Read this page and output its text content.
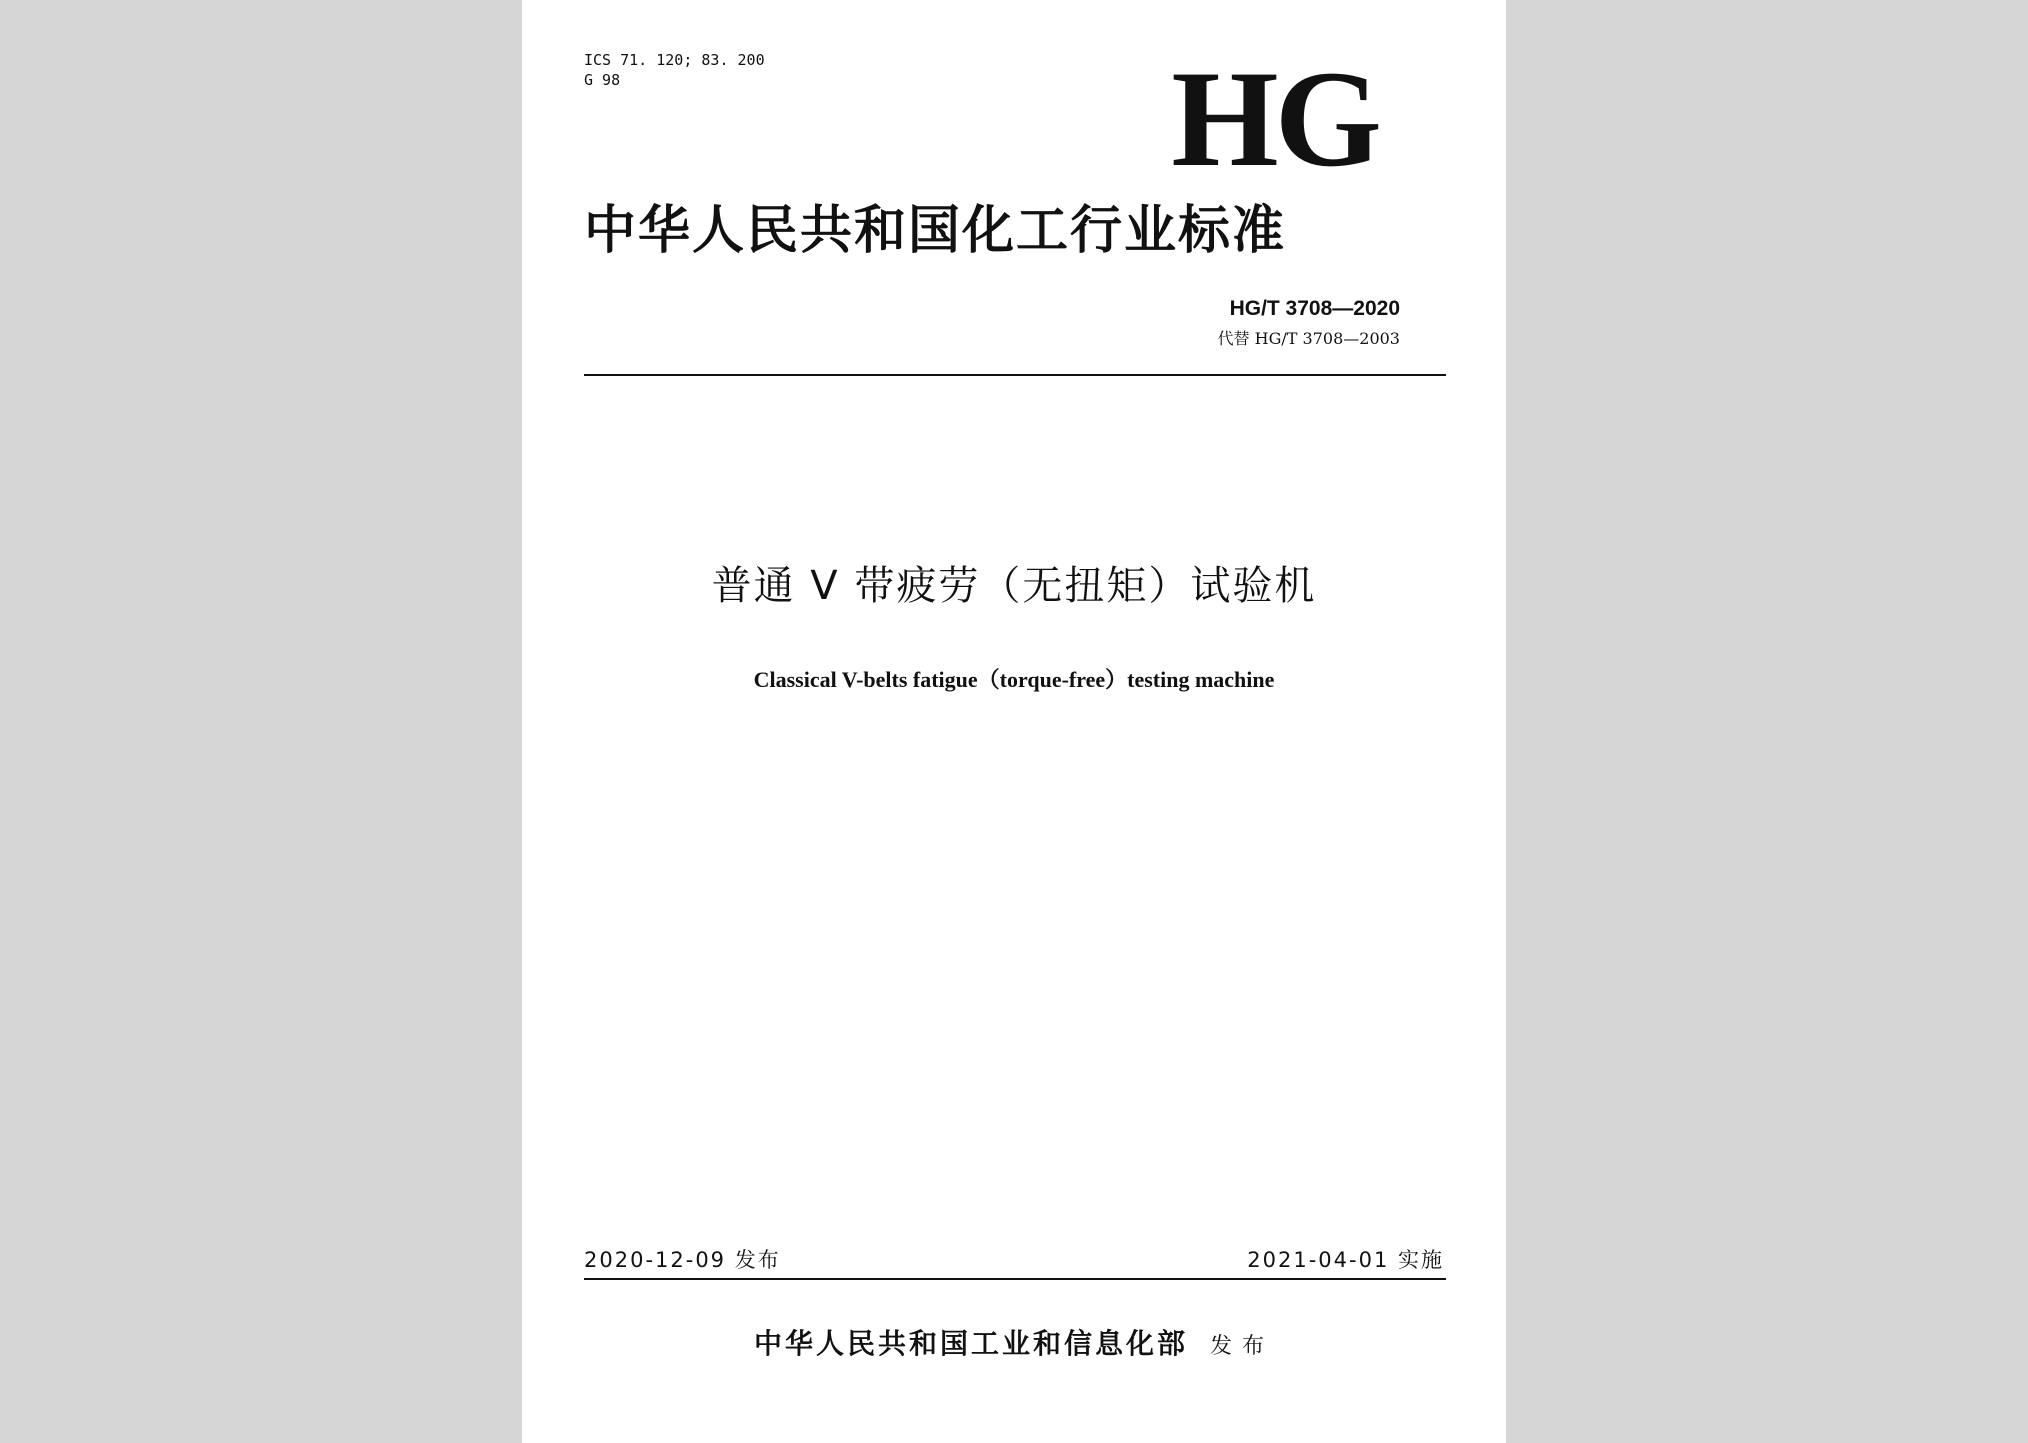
ICS 71. 120; 83. 200
G 98	HG
中华人民共和国化工行业标准
HG/T 3708—2020
代替 HG/T 3708—2003
普通 V 带疲劳（无扭矩）试验机
Classical V-belts fatigue（torque-free）testing machine
2020-12-09 发布	2021-04-01 实施
中华人民共和国工业和信息化部 发布
